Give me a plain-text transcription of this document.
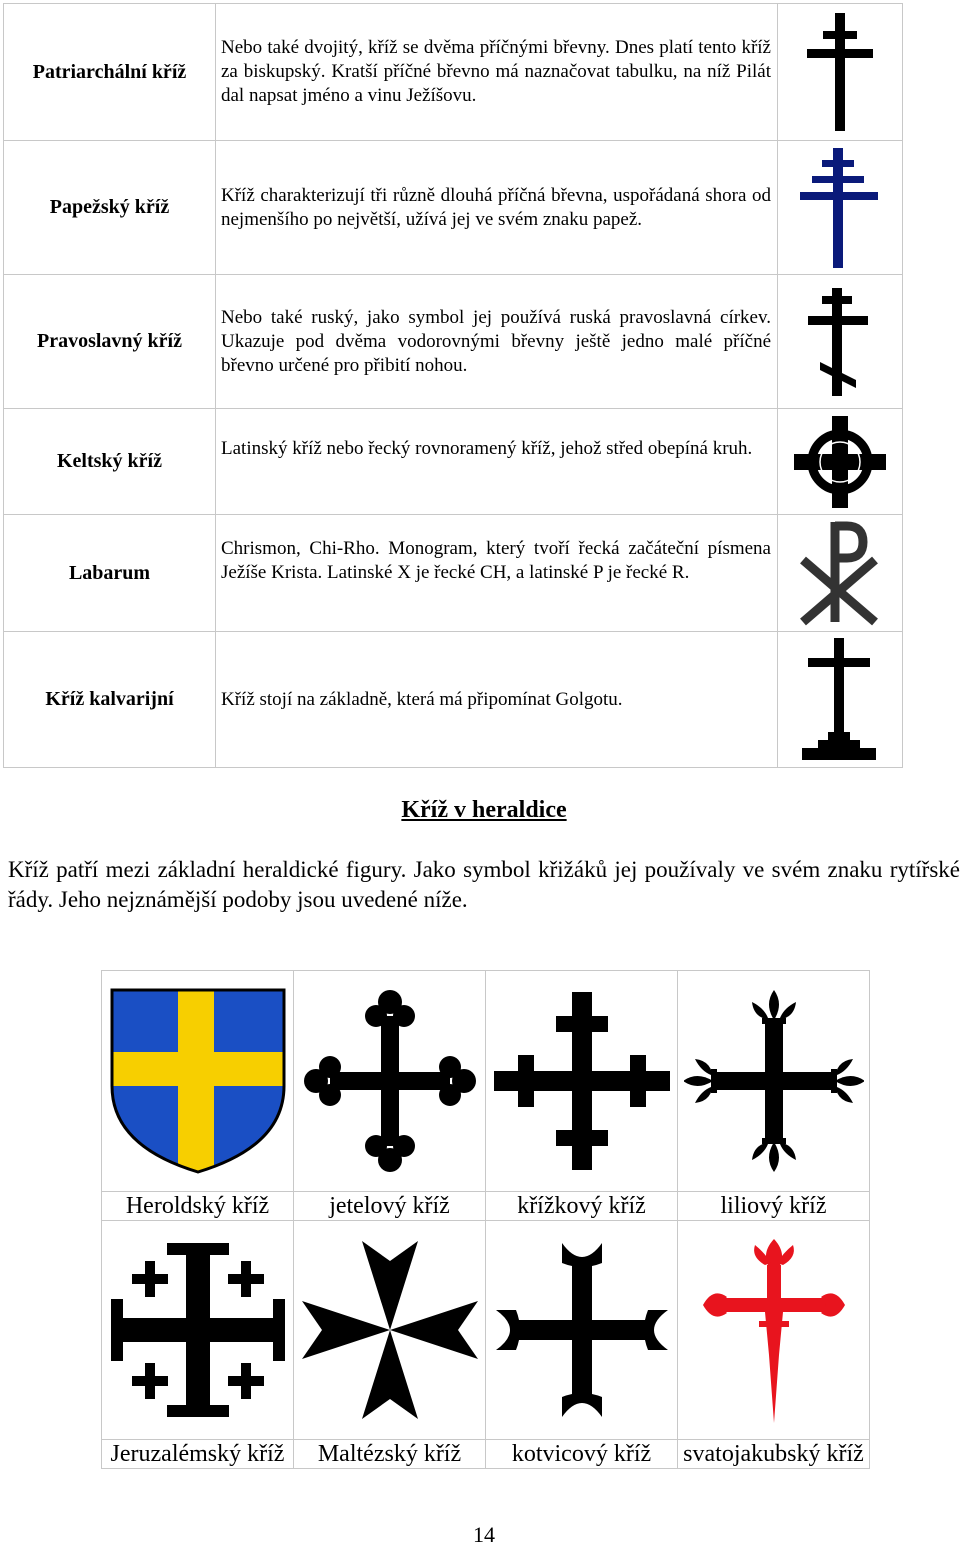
Patriarchální kříž	Nebo také dvojitý, kříž se dvěma příčnými břevny. Dnes platí tento kříž za biskupský. Kratší příčné břevno má naznačovat tabulku, na níž Pilát dal napsat jméno a vinu Ježíšovu.	

Papežský kříž	Kříž charakterizují tři různě dlouhá příčná břevna, uspořádaná shora od nejmenšího po největší, užívá jej ve svém znaku papež.	

Pravoslavný kříž	Nebo také ruský, jako symbol jej používá ruská pravoslavná církev. Ukazuje pod dvěma vodorovnými břevny ještě jedno malé příčné břevno určené pro přibití nohou.	

Keltský kříž	Latinský kříž nebo řecký rovnoramený kříž, jehož střed obepíná kruh.	

Labarum	Chrismon, Chi-Rho. Monogram, který tvoří řecká začáteční písmena Ježíše Krista. Latinské X je řecké CH, a latinské P je řecké R.	

Kříž kalvarijní	Kříž stojí na základně, která má připomínat Golgotu.	
Kříž v heraldice
Kříž patří mezi základní heraldické figury. Jako symbol křižáků jej používaly ve svém znaku rytířské řády. Jeho nejznámější podoby jsou uvedené níže.

Heroldský kříž	jetelový kříž	křížkový kříž	liliový kříž

Jeruzalémský kříž	Maltézský kříž	kotvicový kříž	svatojakubský kříž
14
